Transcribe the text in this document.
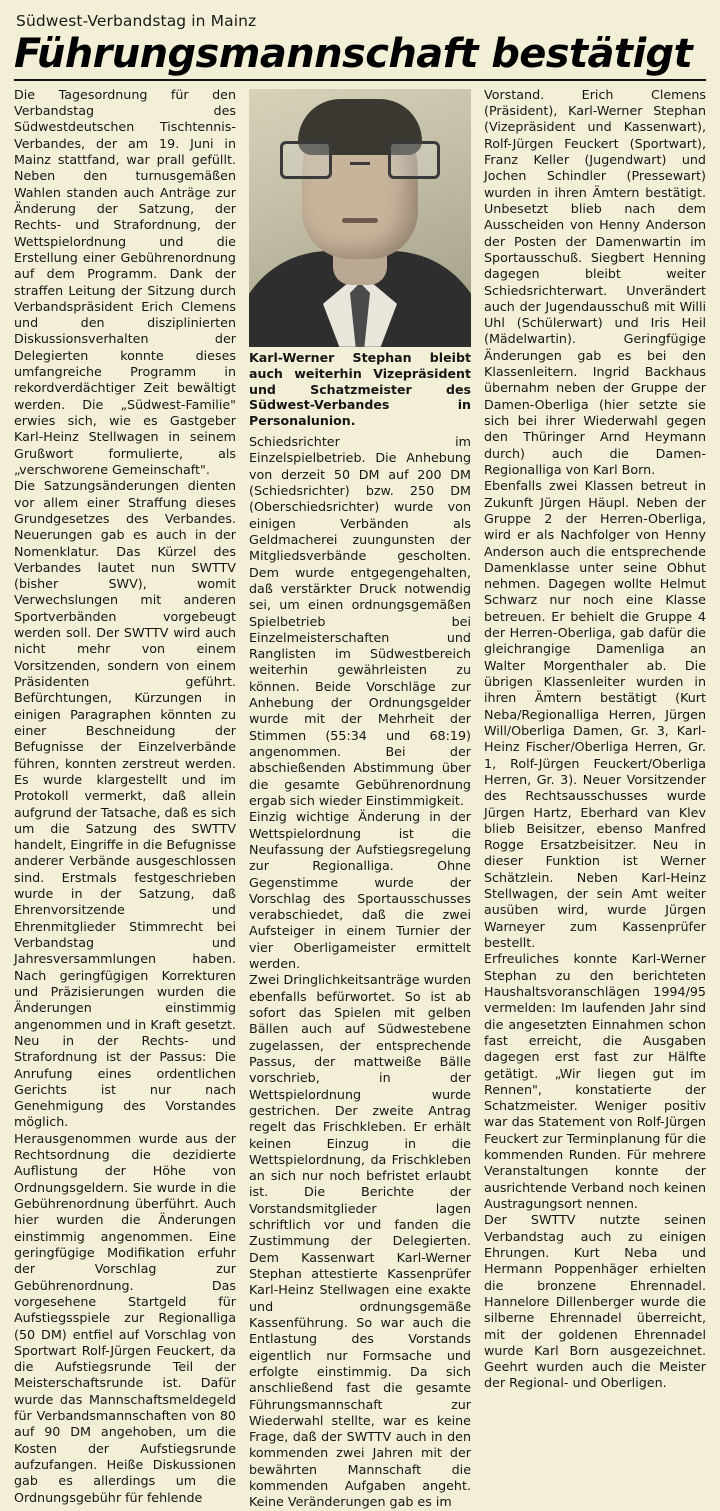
Südwest-Verbandstag in Mainz
Führungsmannschaft bestätigt

Die Tagesordnung für den Verbandstag des Südwestdeutschen Tischtennis-Verbandes, der am 19. Juni in Mainz stattfand, war prall gefüllt. Neben den turnusgemäßen Wahlen standen auch Anträge zur Änderung der Satzung, der Rechts- und Strafordnung, der Wettspielordnung und die Erstellung einer Gebührenordnung auf dem Programm. Dank der straffen Leitung der Sitzung durch Verbandspräsident Erich Clemens und den disziplinierten Diskussionsverhalten der Delegierten konnte dieses umfangreiche Programm in rekordverdächtiger Zeit bewältigt werden. Die „Südwest-Familie" erwies sich, wie es Gastgeber Karl-Heinz Stellwagen in seinem Grußwort formulierte, als „verschworene Gemeinschaft".

Die Satzungsänderungen dienten vor allem einer Straffung dieses Grundgesetzes des Verbandes. Neuerungen gab es auch in der Nomenklatur. Das Kürzel des Verbandes lautet nun SWTTV (bisher SWV), womit Verwechslungen mit anderen Sportverbänden vorgebeugt werden soll. Der SWTTV wird auch nicht mehr von einem Vorsitzenden, sondern von einem Präsidenten geführt. Befürchtungen, Kürzungen in einigen Paragraphen könnten zu einer Beschneidung der Befugnisse der Einzelverbände führen, konnten zerstreut werden. Es wurde klargestellt und im Protokoll vermerkt, daß allein aufgrund der Tatsache, daß es sich um die Satzung des SWTTV handelt, Eingriffe in die Befugnisse anderer Verbände ausgeschlossen sind. Erstmals festgeschrieben wurde in der Satzung, daß Ehrenvorsitzende und Ehrenmitglieder Stimmrecht bei Verbandstag und Jahresversammlungen haben. Nach geringfügigen Korrekturen und Präzisierungen wurden die Änderungen einstimmig angenommen und in Kraft gesetzt. Neu in der Rechts- und Strafordnung ist der Passus: Die Anrufung eines ordentlichen Gerichts ist nur nach Genehmigung des Vorstandes möglich.

Herausgenommen wurde aus der Rechtsordnung die dezidierte Auflistung der Höhe von Ordnungsgeldern. Sie wurde in die Gebührenordnung überführt. Auch hier wurden die Änderungen einstimmig angenommen. Eine geringfügige Modifikation erfuhr der Vorschlag zur Gebührenordnung. Das vorgesehene Startgeld für Aufstiegsspiele zur Regionalliga (50 DM) entfiel auf Vorschlag von Sportwart Rolf-Jürgen Feuckert, da die Aufstiegsrunde Teil der Meisterschaftsrunde ist. Dafür wurde das Mannschaftsmeldegeld für Verbandsmannschaften von 80 auf 90 DM angehoben, um die Kosten der Aufstiegsrunde aufzufangen. Heiße Diskussionen gab es allerdings um die Ordnungsgebühr für fehlende

Karl-Werner Stephan bleibt auch weiterhin Vizepräsident und Schatzmeister des Südwest-Verbandes in Personalunion.

Schiedsrichter im Einzelspielbetrieb. Die Anhebung von derzeit 50 DM auf 200 DM (Schiedsrichter) bzw. 250 DM (Oberschiedsrichter) wurde von einigen Verbänden als Geldmacherei zuungunsten der Mitgliedsverbände gescholten. Dem wurde entgegengehalten, daß verstärkter Druck notwendig sei, um einen ordnungsgemäßen Spielbetrieb bei Einzelmeisterschaften und Ranglisten im Südwestbereich weiterhin gewährleisten zu können. Beide Vorschläge zur Anhebung der Ordnungsgelder wurde mit der Mehrheit der Stimmen (55:34 und 68:19) angenommen. Bei der abschießenden Abstimmung über die gesamte Gebührenordnung ergab sich wieder Einstimmigkeit.

Einzig wichtige Änderung in der Wettspielordnung ist die Neufassung der Aufstiegsregelung zur Regionalliga. Ohne Gegenstimme wurde der Vorschlag des Sportausschusses verabschiedet, daß die zwei Aufsteiger in einem Turnier der vier Oberligameister ermittelt werden.

Zwei Dringlichkeitsanträge wurden ebenfalls befürwortet. So ist ab sofort das Spielen mit gelben Bällen auch auf Südwestebene zugelassen, der entsprechende Passus, der mattweiße Bälle vorschrieb, in der Wettspielordnung wurde gestrichen. Der zweite Antrag regelt das Frischkleben. Er erhält keinen Einzug in die Wettspielordnung, da Frischkleben an sich nur noch befristet erlaubt ist. Die Berichte der Vorstandsmitglieder lagen schriftlich vor und fanden die Zustimmung der Delegierten. Dem Kassenwart Karl-Werner Stephan attestierte Kassenprüfer Karl-Heinz Stellwagen eine exakte und ordnungsgemäße Kassenführung. So war auch die Entlastung des Vorstands eigentlich nur Formsache und erfolgte einstimmig. Da sich anschließend fast die gesamte Führungsmannschaft zur Wiederwahl stellte, war es keine Frage, daß der SWTTV auch in den kommenden zwei Jahren mit der bewährten Mannschaft die kommenden Aufgaben angeht. Keine Veränderungen gab es im

Vorstand. Erich Clemens (Präsident), Karl-Werner Stephan (Vizepräsident und Kassenwart), Rolf-Jürgen Feuckert (Sportwart), Franz Keller (Jugendwart) und Jochen Schindler (Pressewart) wurden in ihren Ämtern bestätigt. Unbesetzt blieb nach dem Ausscheiden von Henny Anderson der Posten der Damenwartin im Sportausschuß. Siegbert Henning dagegen bleibt weiter Schiedsrichterwart. Unverändert auch der Jugendausschuß mit Willi Uhl (Schülerwart) und Iris Heil (Mädelwartin). Geringfügige Änderungen gab es bei den Klassenleitern. Ingrid Backhaus übernahm neben der Gruppe der Damen-Oberliga (hier setzte sie sich bei ihrer Wiederwahl gegen den Thüringer Arnd Heymann durch) auch die Damen-Regionalliga von Karl Born.

Ebenfalls zwei Klassen betreut in Zukunft Jürgen Häupl. Neben der Gruppe 2 der Herren-Oberliga, wird er als Nachfolger von Henny Anderson auch die entsprechende Damenklasse unter seine Obhut nehmen. Dagegen wollte Helmut Schwarz nur noch eine Klasse betreuen. Er behielt die Gruppe 4 der Herren-Oberliga, gab dafür die gleichrangige Damenliga an Walter Morgenthaler ab. Die übrigen Klassenleiter wurden in ihren Ämtern bestätigt (Kurt Neba/Regionalliga Herren, Jürgen Will/Oberliga Damen, Gr. 3, Karl-Heinz Fischer/Oberliga Herren, Gr. 1, Rolf-Jürgen Feuckert/Oberliga Herren, Gr. 3). Neuer Vorsitzender des Rechtsausschusses wurde Jürgen Hartz, Eberhard van Klev blieb Beisitzer, ebenso Manfred Rogge Ersatzbeisitzer. Neu in dieser Funktion ist Werner Schätzlein. Neben Karl-Heinz Stellwagen, der sein Amt weiter ausüben wird, wurde Jürgen Warneyer zum Kassenprüfer bestellt.

Erfreuliches konnte Karl-Werner Stephan zu den berichteten Haushaltsvoranschlägen 1994/95 vermelden: Im laufenden Jahr sind die angesetzten Einnahmen schon fast erreicht, die Ausgaben dagegen erst fast zur Hälfte getätigt. „Wir liegen gut im Rennen", konstatierte der Schatzmeister. Weniger positiv war das Statement von Rolf-Jürgen Feuckert zur Terminplanung für die kommenden Runden. Für mehrere Veranstaltungen konnte der ausrichtende Verband noch keinen Austragungsort nennen.

Der SWTTV nutzte seinen Verbandstag auch zu einigen Ehrungen. Kurt Neba und Hermann Poppenhäger erhielten die bronzene Ehrennadel. Hannelore Dillenberger wurde die silberne Ehrennadel überreicht, mit der goldenen Ehrennadel wurde Karl Born ausgezeichnet. Geehrt wurden auch die Meister der Regional- und Oberligen.
